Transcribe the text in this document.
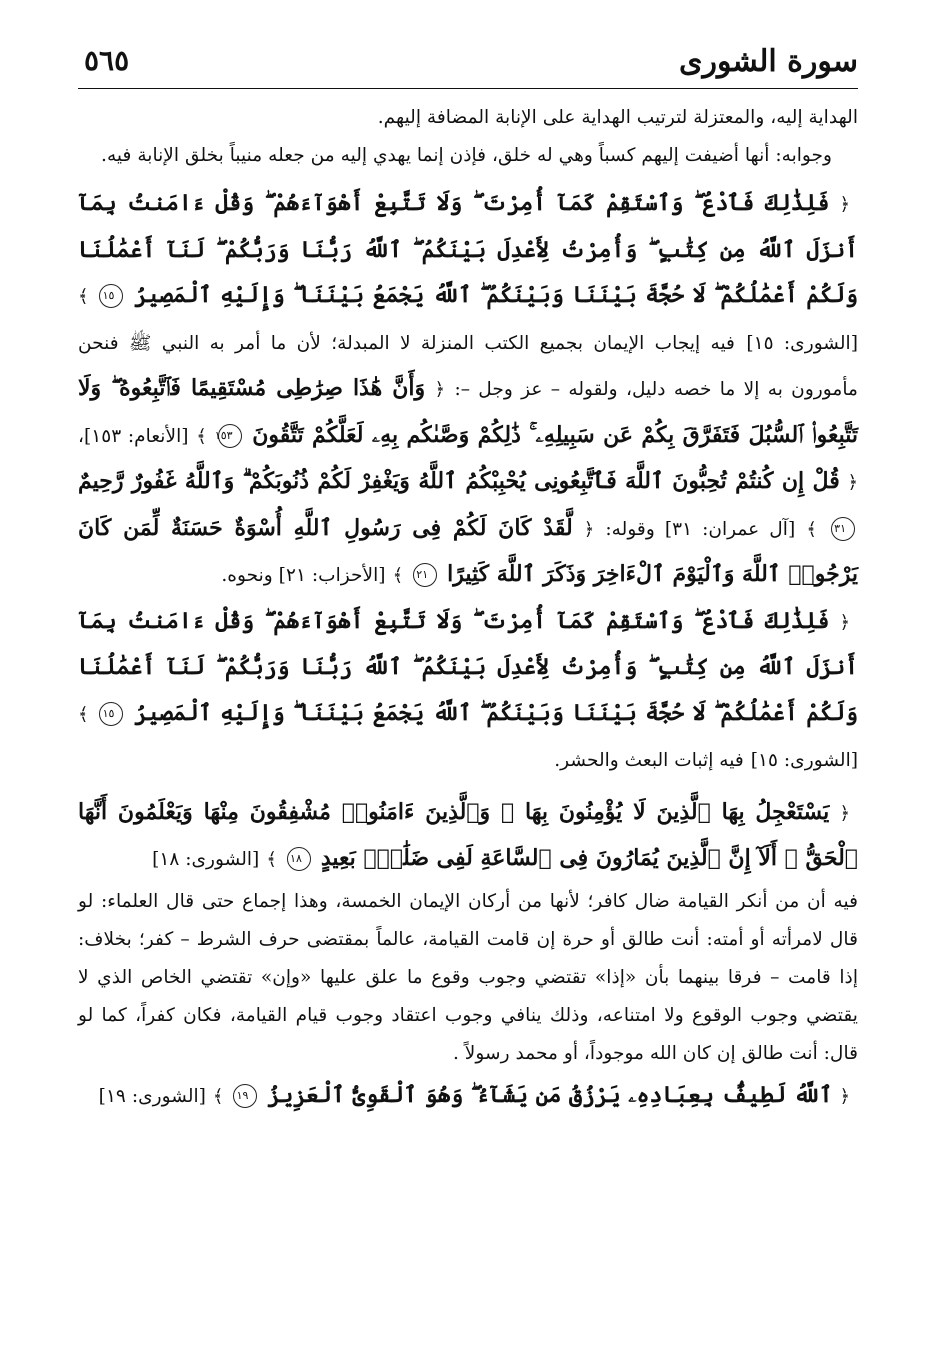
سورة الشورى
٥٦٥

الهداية إليه، والمعتزلة لترتيب الهداية على الإنابة المضافة إليهم.

وجوابه: أنها أضيفت إليهم كسباً وهي له خلق، فإذن إنما يهدي إليه من جعله منيباً بخلق الإنابة فيه.

﴿ فَلِذَٰلِكَ فَٱدْعُ ۖ وَٱسْتَقِمْ كَمَآ أُمِرْتَ ۖ وَلَا تَتَّبِعْ أَهْوَآءَهُمْ ۖ وَقُلْ ءَامَنتُ بِمَآ أَنزَلَ ٱللَّهُ مِن كِتَٰبٍ ۖ وَأُمِرْتُ لِأَعْدِلَ بَيْنَكُمُ ۖ ٱللَّهُ رَبُّنَا وَرَبُّكُمْ ۖ لَنَآ أَعْمَٰلُنَا وَلَكُمْ أَعْمَٰلُكُمْ ۖ لَا حُجَّةَ بَيْنَنَا وَبَيْنَكُمُ ۖ ٱللَّهُ يَجْمَعُ بَيْنَنَا ۖ وَإِلَيْهِ ٱلْمَصِيرُ ١٥ ﴾ [الشورى: ١٥] فيه إيجاب الإيمان بجميع الكتب المنزلة لا المبدلة؛ لأن ما أمر به النبي ﷺ فنحن مأمورون به إلا ما خصه دليل، ولقوله – عز وجل –: ﴿ وَأَنَّ هَٰذَا صِرَٰطِى مُسْتَقِيمًا فَٱتَّبِعُوهُ ۖ وَلَا تَتَّبِعُوا۟ ٱلسُّبُلَ فَتَفَرَّقَ بِكُمْ عَن سَبِيلِهِۦ ۚ ذَٰلِكُمْ وَصَّىٰكُم بِهِۦ لَعَلَّكُمْ تَتَّقُونَ ١٥٣ ﴾ [الأنعام: ١٥٣]، ﴿ قُلْ إِن كُنتُمْ تُحِبُّونَ ٱللَّهَ فَٱتَّبِعُونِى يُحْبِبْكُمُ ٱللَّهُ وَيَغْفِرْ لَكُمْ ذُنُوبَكُمْ ۗ وَٱللَّهُ غَفُورٌ رَّحِيمٌ ٣١ ﴾ [آل عمران: ٣١] وقوله: ﴿ لَّقَدْ كَانَ لَكُمْ فِى رَسُولِ ٱللَّهِ أُسْوَةٌ حَسَنَةٌ لِّمَن كَانَ يَرْجُوا۟ ٱللَّهَ وَٱلْيَوْمَ ٱلْءَاخِرَ وَذَكَرَ ٱللَّهَ كَثِيرًا ٢١ ﴾ [الأحزاب: ٢١] ونحوه.

﴿ فَلِذَٰلِكَ فَٱدْعُ ۖ وَٱسْتَقِمْ كَمَآ أُمِرْتَ ۖ وَلَا تَتَّبِعْ أَهْوَآءَهُمْ ۖ وَقُلْ ءَامَنتُ بِمَآ أَنزَلَ ٱللَّهُ مِن كِتَٰبٍ ۖ وَأُمِرْتُ لِأَعْدِلَ بَيْنَكُمُ ۖ ٱللَّهُ رَبُّنَا وَرَبُّكُمْ ۖ لَنَآ أَعْمَٰلُنَا وَلَكُمْ أَعْمَٰلُكُمْ ۖ لَا حُجَّةَ بَيْنَنَا وَبَيْنَكُمُ ۖ ٱللَّهُ يَجْمَعُ بَيْنَنَا ۖ وَإِلَيْهِ ٱلْمَصِيرُ ١٥ ﴾ [الشورى: ١٥] فيه إثبات البعث والحشر.

﴿ يَسْتَعْجِلُ بِهَا ٱلَّذِينَ لَا يُؤْمِنُونَ بِهَا ۖ وَٱلَّذِينَ ءَامَنُوا۟ مُشْفِقُونَ مِنْهَا وَيَعْلَمُونَ أَنَّهَا ٱلْحَقُّ ۗ أَلَآ إِنَّ ٱلَّذِينَ يُمَارُونَ فِى ٱلسَّاعَةِ لَفِى ضَلَٰلٍۭ بَعِيدٍ ١٨ ﴾ [الشورى: ١٨]

فيه أن من أنكر القيامة ضال كافر؛ لأنها من أركان الإيمان الخمسة، وهذا إجماع حتى قال العلماء: لو قال لامرأته أو أمته: أنت طالق أو حرة إن قامت القيامة، عالماً بمقتضى حرف الشرط – كفر؛ بخلاف: إذا قامت – فرقا بينهما بأن «إذا» تقتضي وجوب وقوع ما علق عليها «وإن» تقتضي الخاص الذي لا يقتضي وجوب الوقوع ولا امتناعه، وذلك ينافي وجوب اعتقاد وجوب قيام القيامة، فكان كفراً، كما لو قال: أنت طالق إن كان الله موجوداً، أو محمد رسولاً .

﴿ ٱللَّهُ لَطِيفٌۢ بِعِبَادِهِۦ يَرْزُقُ مَن يَشَآءُ ۖ وَهُوَ ٱلْقَوِىُّ ٱلْعَزِيزُ ١٩ ﴾ [الشورى: ١٩]
